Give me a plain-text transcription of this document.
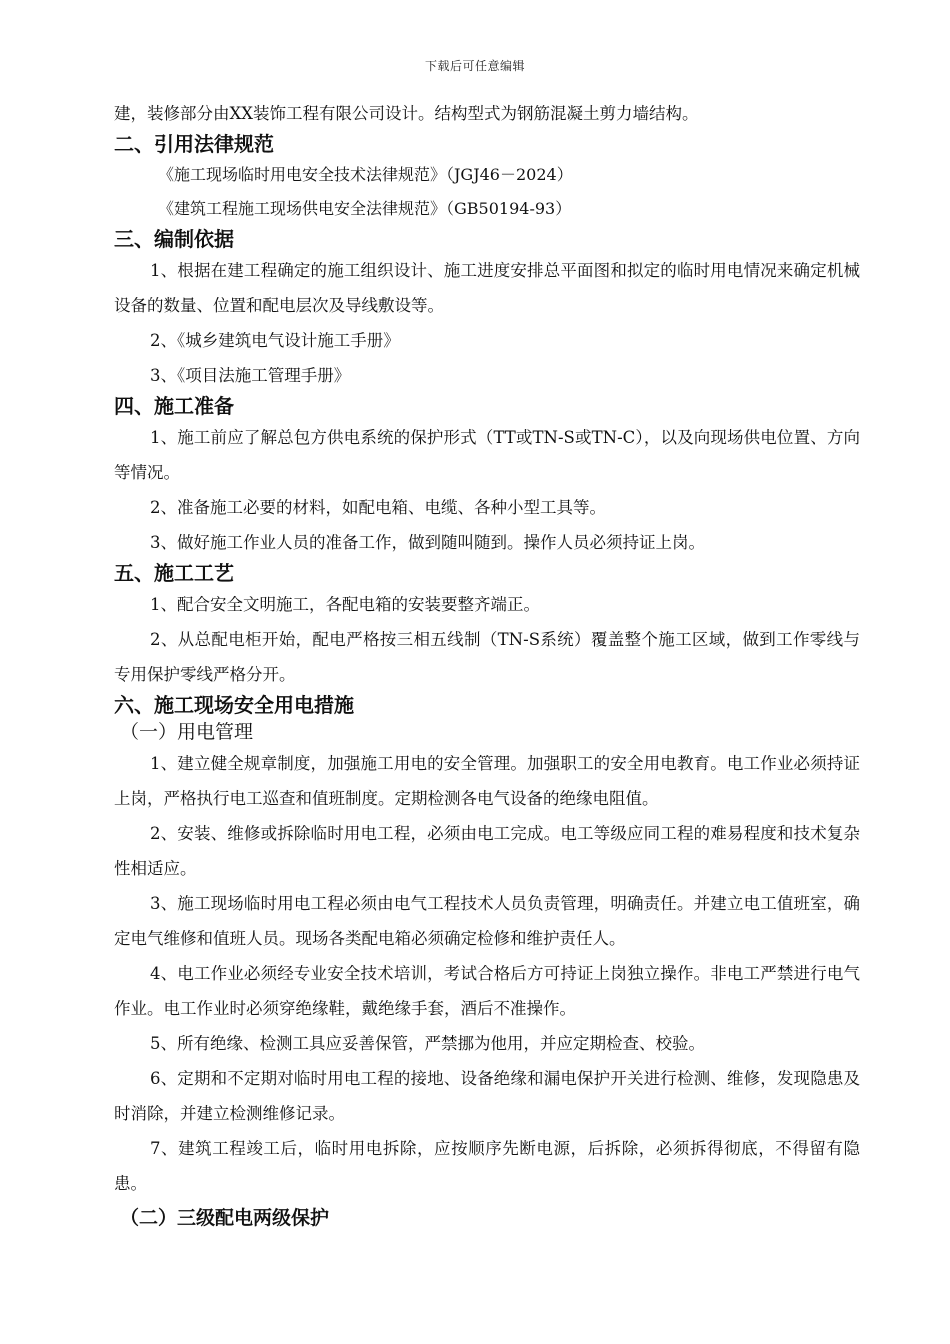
下载后可任意编辑

建，装修部分由XX装饰工程有限公司设计。结构型式为钢筋混凝土剪力墙结构。

二、引用法律规范

《施工现场临时用电安全技术法律规范》（JGJ46－2024）

《建筑工程施工现场供电安全法律规范》（GB50194-93）

三、编制依据

1、根据在建工程确定的施工组织设计、施工进度安排总平面图和拟定的临时用电情况来确定机械设备的数量、位置和配电层次及导线敷设等。

2、《城乡建筑电气设计施工手册》

3、《项目法施工管理手册》

四、施工准备

1、施工前应了解总包方供电系统的保护形式（TT或TN-S或TN-C），以及向现场供电位置、方向等情况。

2、准备施工必要的材料，如配电箱、电缆、各种小型工具等。

3、做好施工作业人员的准备工作，做到随叫随到。操作人员必须持证上岗。

五、施工工艺

1、配合安全文明施工，各配电箱的安装要整齐端正。

2、从总配电柜开始，配电严格按三相五线制（TN-S系统）覆盖整个施工区域，做到工作零线与专用保护零线严格分开。

六、施工现场安全用电措施
（一）用电管理

1、建立健全规章制度，加强施工用电的安全管理。加强职工的安全用电教育。电工作业必须持证上岗，严格执行电工巡查和值班制度。定期检测各电气设备的绝缘电阻值。

2、安装、维修或拆除临时用电工程，必须由电工完成。电工等级应同工程的难易程度和技术复杂性相适应。

3、施工现场临时用电工程必须由电气工程技术人员负责管理，明确责任。并建立电工值班室，确定电气维修和值班人员。现场各类配电箱必须确定检修和维护责任人。

4、电工作业必须经专业安全技术培训，考试合格后方可持证上岗独立操作。非电工严禁进行电气作业。电工作业时必须穿绝缘鞋，戴绝缘手套，酒后不准操作。

5、所有绝缘、检测工具应妥善保管，严禁挪为他用，并应定期检查、校验。

6、定期和不定期对临时用电工程的接地、设备绝缘和漏电保护开关进行检测、维修，发现隐患及时消除，并建立检测维修记录。

7、建筑工程竣工后，临时用电拆除，应按顺序先断电源，后拆除，必须拆得彻底，不得留有隐患。

（二）三级配电两级保护
